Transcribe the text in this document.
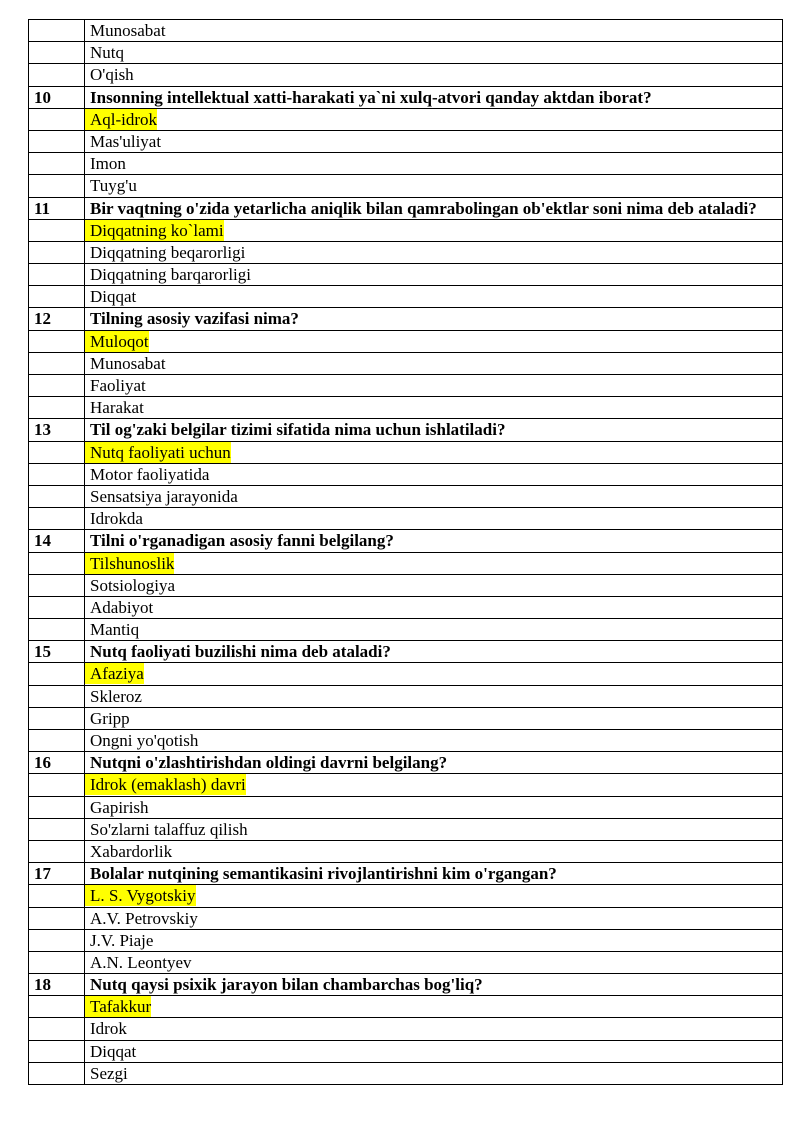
	Munosabat
	Nutq
	O'qish
10	Insonning intellektual xatti-harakati ya`ni xulq-atvori qanday aktdan iborat?
	Aql-idrok
	Mas'uliyat
	Imon
	Tuyg'u
11	Bir vaqtning o'zida yetarlicha aniqlik bilan qamrabolingan ob'ektlar soni nima deb ataladi?
	Diqqatning ko`lami
	Diqqatning beqarorligi
	Diqqatning barqarorligi
	Diqqat
12	Tilning asosiy vazifasi nima?
	Muloqot
	Munosabat
	Faoliyat
	Harakat
13	Til og'zaki belgilar tizimi sifatida nima uchun ishlatiladi?
	Nutq faoliyati uchun
	Motor faoliyatida
	Sensatsiya jarayonida
	Idrokda
14	Tilni o'rganadigan asosiy fanni belgilang?
	Tilshunoslik
	Sotsiologiya
	Adabiyot
	Mantiq
15	Nutq faoliyati buzilishi nima deb ataladi?
	Afaziya
	Skleroz
	Gripp
	Ongni yo'qotish
16	Nutqni o'zlashtirishdan oldingi davrni belgilang?
	Idrok (emaklash) davri
	Gapirish
	So'zlarni talaffuz qilish
	Xabardorlik
17	Bolalar nutqining semantikasini rivojlantirishni kim o'rgangan?
	L. S. Vygotskiy
	A.V. Petrovskiy
	J.V. Piaje
	A.N. Leontyev
18	Nutq qaysi psixik jarayon bilan chambarchas bog'liq?
	Tafakkur
	Idrok
	Diqqat
	Sezgi
